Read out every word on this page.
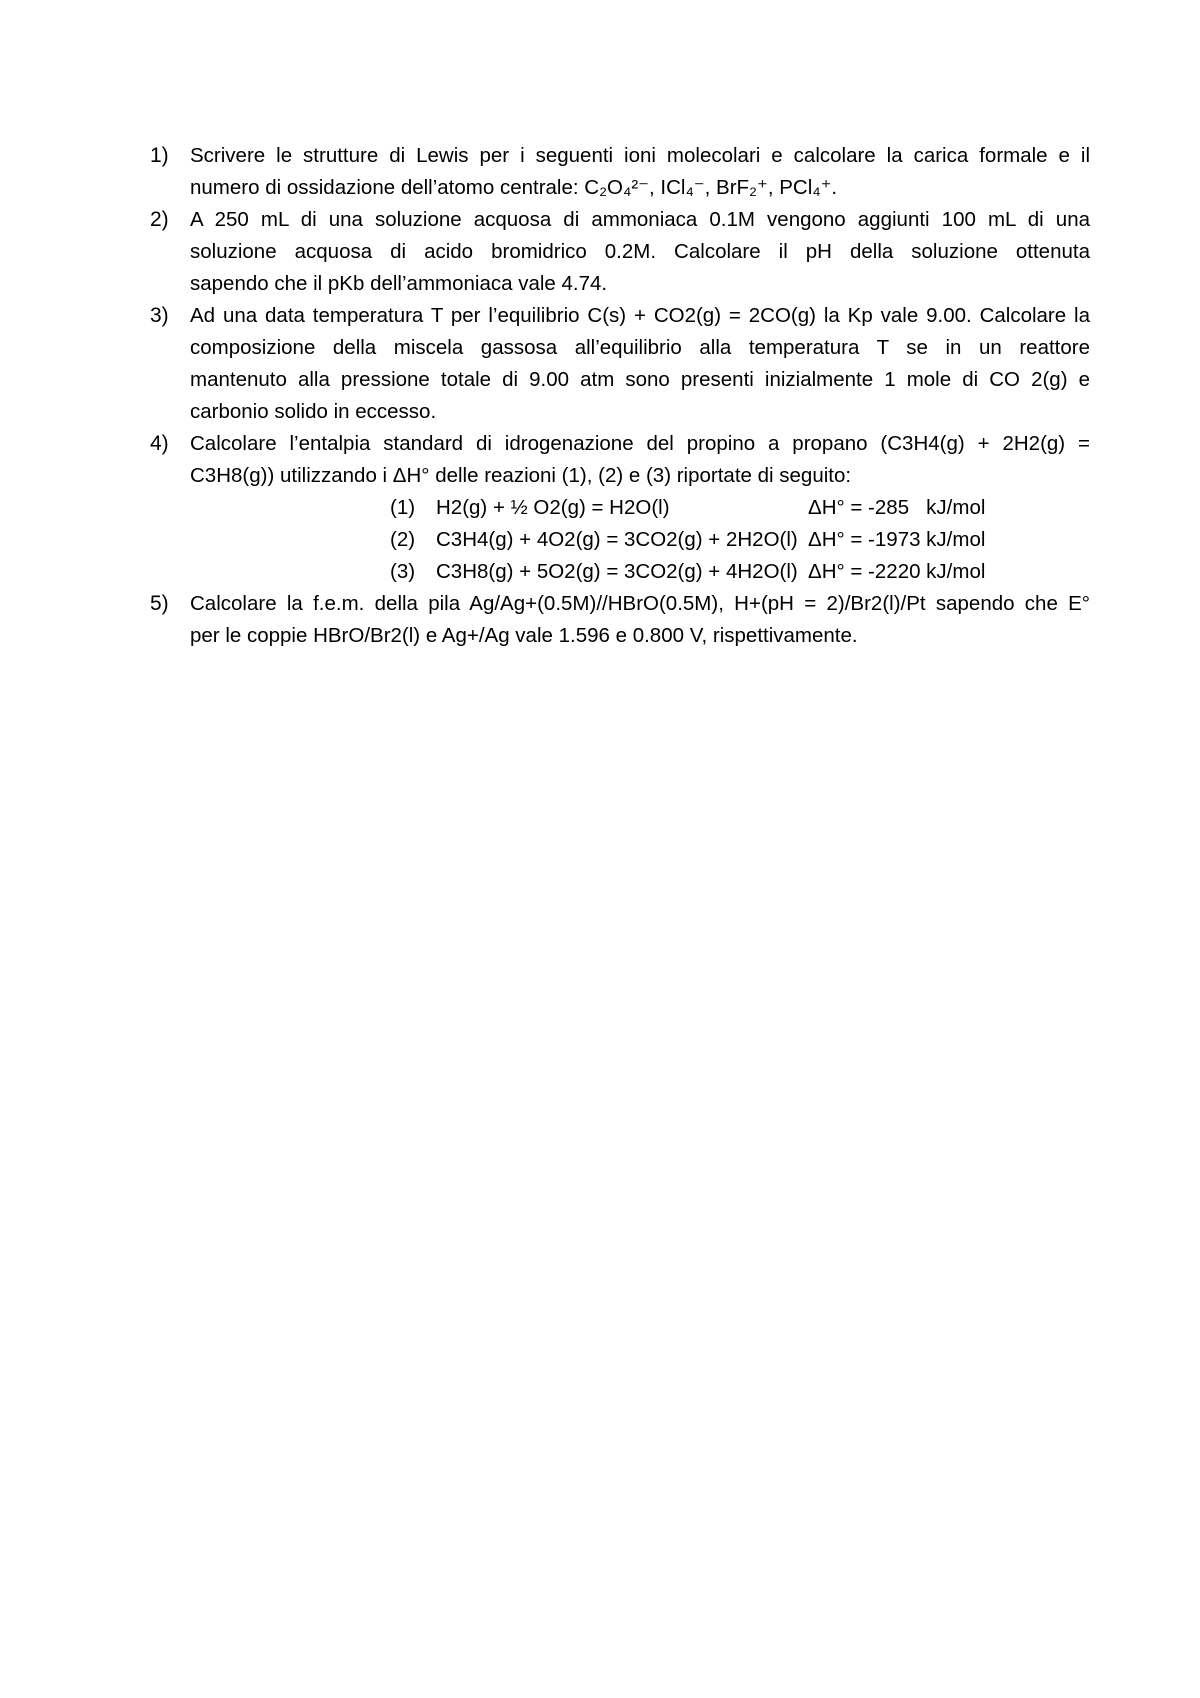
1)	Scrivere le strutture di Lewis per i seguenti ioni molecolari e calcolare la carica formale e il
numero di ossidazione dell’atomo centrale: C₂O₄²⁻, ICl₄⁻, BrF₂⁺, PCl₄⁺.
2)	A 250 mL di una soluzione acquosa di ammoniaca 0.1M vengono aggiunti 100 mL di una
soluzione acquosa di acido bromidrico 0.2M. Calcolare il pH della soluzione ottenuta
sapendo che il pKb dell’ammoniaca vale 4.74.
3)	Ad una data temperatura T per l’equilibrio C(s) + CO2(g) = 2CO(g) la Kp vale 9.00. Calcolare la
composizione della miscela gassosa all’equilibrio alla temperatura T se in un reattore
mantenuto alla pressione totale di 9.00 atm sono presenti inizialmente 1 mole di CO 2(g) e
carbonio solido in eccesso.
4)	Calcolare l’entalpia standard di idrogenazione del propino a propano (C3H4(g) + 2H2(g) =
C3H8(g)) utilizzando i ΔH° delle reazioni (1), (2) e (3) riportate di seguito:
(1)	H2(g) + ½ O2(g) = H2O(l)	ΔH° = -285   kJ/mol
(2)	C3H4(g) + 4O2(g) = 3CO2(g) + 2H2O(l) ΔH° = -1973 kJ/mol
(3)	C3H8(g) + 5O2(g) = 3CO2(g) + 4H2O(l) ΔH° = -2220 kJ/mol
5)	Calcolare la f.e.m. della pila Ag/Ag+(0.5M)//HBrO(0.5M), H+(pH = 2)/Br2(l)/Pt sapendo che E°
per le coppie HBrO/Br2(l) e Ag+/Ag vale 1.596 e 0.800 V, rispettivamente.
